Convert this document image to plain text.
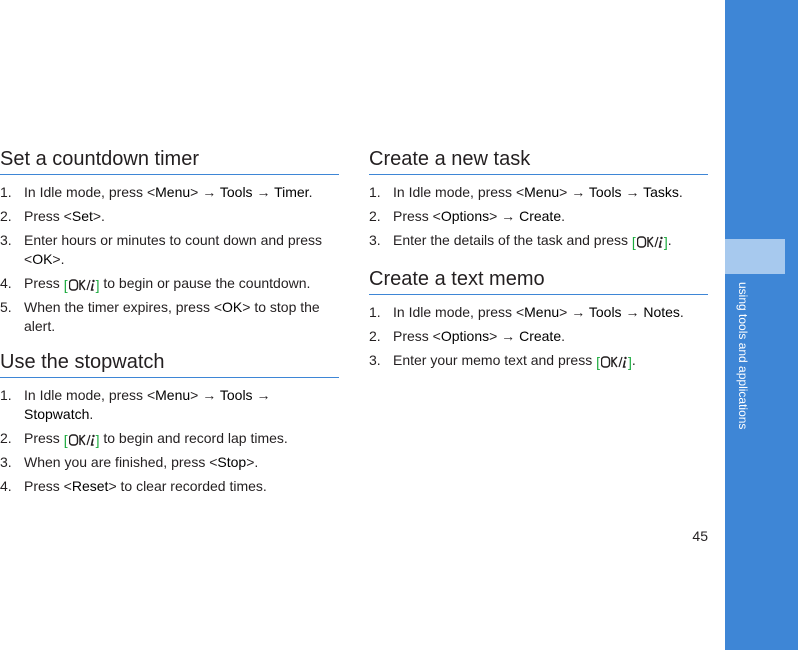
using tools and applications
45
Set a countdown timer
1. In Idle mode, press <Menu> → Tools → Timer.
2. Press <Set>.
3. Enter hours or minutes to count down and press <OK>.
4. Press [ ] to begin or pause the countdown.
5. When the timer expires, press <OK> to stop the alert.
Use the stopwatch
1. In Idle mode, press <Menu> → Tools →
Stopwatch.
2. Press [ ] to begin and record lap times.
3. When you are finished, press <Stop>.
4. Press <Reset> to clear recorded times.
Create a new task
1. In Idle mode, press <Menu> → Tools → Tasks.
2. Press <Options> → Create.
3. Enter the details of the task and press [ ].
Create a text memo
1. In Idle mode, press <Menu> → Tools → Notes.
2. Press <Options> → Create.
3. Enter your memo text and press [ ].
